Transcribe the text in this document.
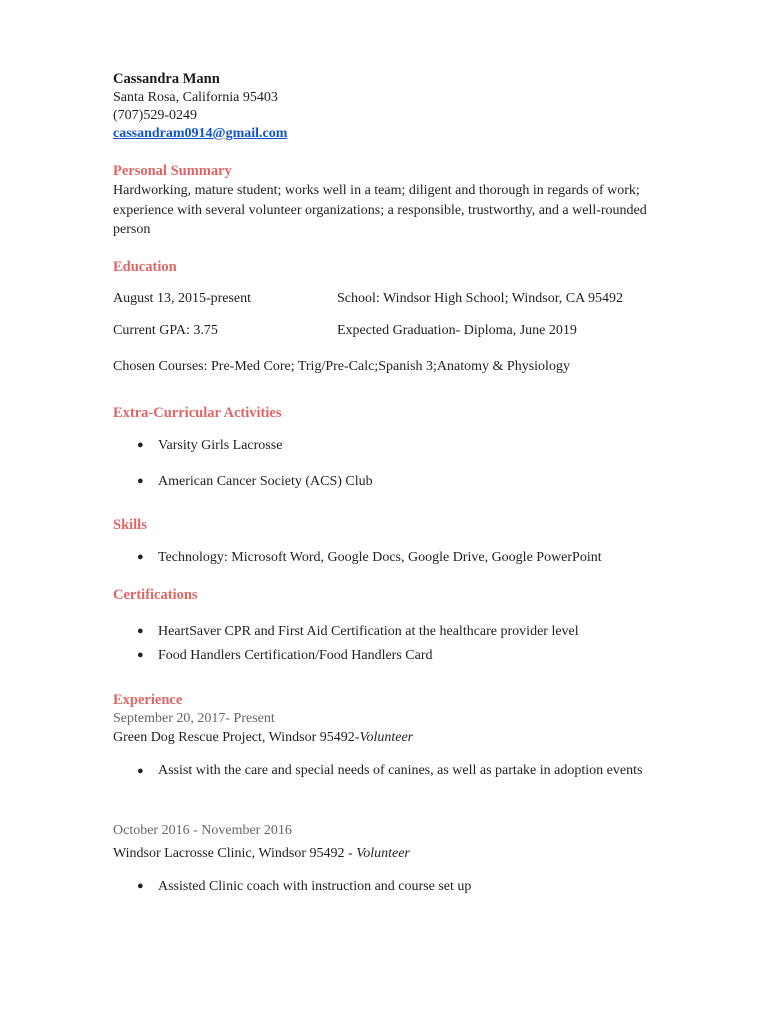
Cassandra Mann
Santa Rosa, California 95403
(707)529-0249
cassandram0914@gmail.com
Personal Summary
Hardworking, mature student; works well in a team; diligent and thorough in regards of work; experience with several volunteer organizations; a responsible, trustworthy, and a well-rounded person
Education
August 13, 2015-present	School: Windsor High School; Windsor, CA 95492
Current GPA: 3.75	Expected Graduation- Diploma, June 2019
Chosen Courses: Pre-Med Core; Trig/Pre-Calc;Spanish 3;Anatomy & Physiology
Extra-Curricular Activities
● Varsity Girls Lacrosse
● American Cancer Society (ACS) Club
Skills
● Technology: Microsoft Word, Google Docs, Google Drive, Google PowerPoint
Certifications
● HeartSaver CPR and First Aid Certification at the healthcare provider level
● Food Handlers Certification/Food Handlers Card
Experience
September 20, 2017- Present
Green Dog Rescue Project, Windsor 95492-Volunteer
●	Assist with the care and special needs of canines, as well as partake in adoption events
October 2016 - November 2016
Windsor Lacrosse Clinic, Windsor 95492 - Volunteer
● Assisted Clinic coach with instruction and course set up
